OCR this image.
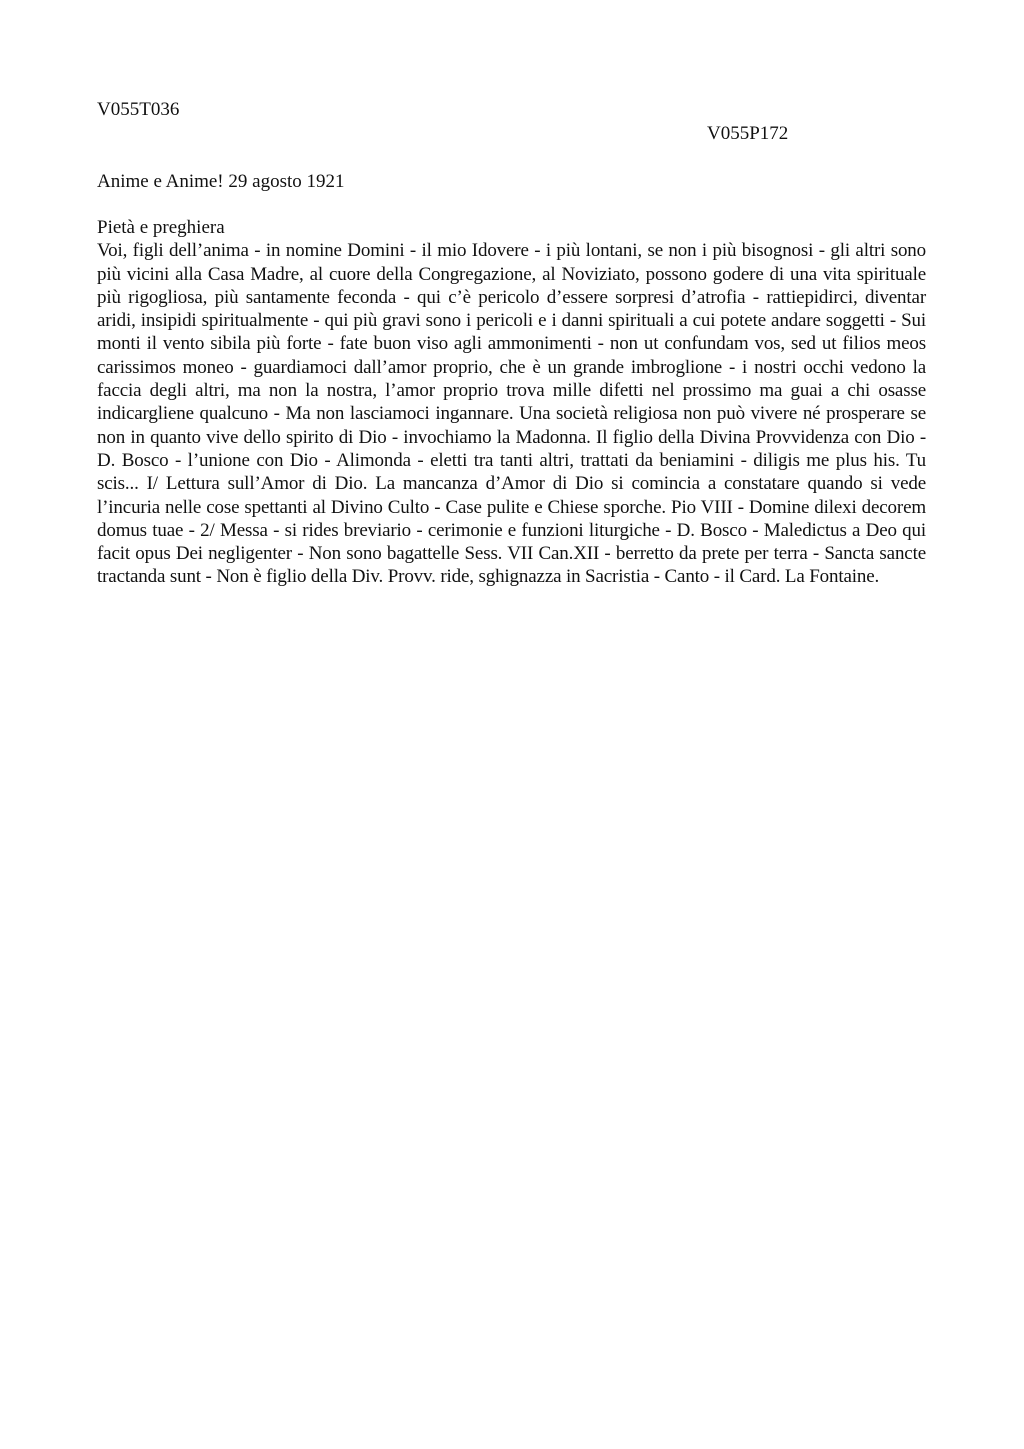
V055T036

V055P172

Anime e Anime! 29 agosto 1921

Pietà e preghiera

Voi, figli dell’anima - in nomine Domini - il mio Idovere - i più lontani, se non i più bisognosi - gli altri sono più vicini alla Casa Madre, al cuore della Congregazione, al Noviziato, possono godere di una vita spirituale più rigogliosa, più santamente feconda - qui c’è pericolo d’essere sorpresi d’atrofia - rattiepidirci, diventar aridi, insipidi spiritualmente - qui più gravi sono i pericoli e i danni spirituali a cui potete andare soggetti - Sui monti il vento sibila più forte - fate buon viso agli ammonimenti - non ut confundam vos, sed ut filios meos carissimos moneo - guardiamoci dall’amor proprio, che è un grande imbroglione - i nostri occhi vedono la faccia degli altri, ma non la nostra, l’amor proprio trova mille difetti nel prossimo ma guai a chi osasse indicargliene qualcuno - Ma non lasciamoci ingannare. Una società religiosa non può vivere né prosperare se non in quanto vive dello spirito di Dio - invochiamo la Madonna. Il figlio della Divina Provvidenza con Dio - D. Bosco - l’unione con Dio - Alimonda - eletti tra tanti altri, trattati da beniamini - diligis me plus his. Tu scis... I/ Lettura sull’Amor di Dio. La mancanza d’Amor di Dio si comincia a constatare quando si vede l’incuria nelle cose spettanti al Divino Culto - Case pulite e Chiese sporche. Pio VIII - Domine dilexi decorem domus tuae - 2/ Messa - si rides breviario - cerimonie e funzioni liturgiche - D. Bosco - Maledictus a Deo qui facit opus Dei negligenter - Non sono bagattelle Sess. VII Can.XII - berretto da prete per terra - Sancta sancte tractanda sunt - Non è figlio della Div. Provv. ride, sghignazza in Sacristia - Canto - il Card. La Fontaine.
